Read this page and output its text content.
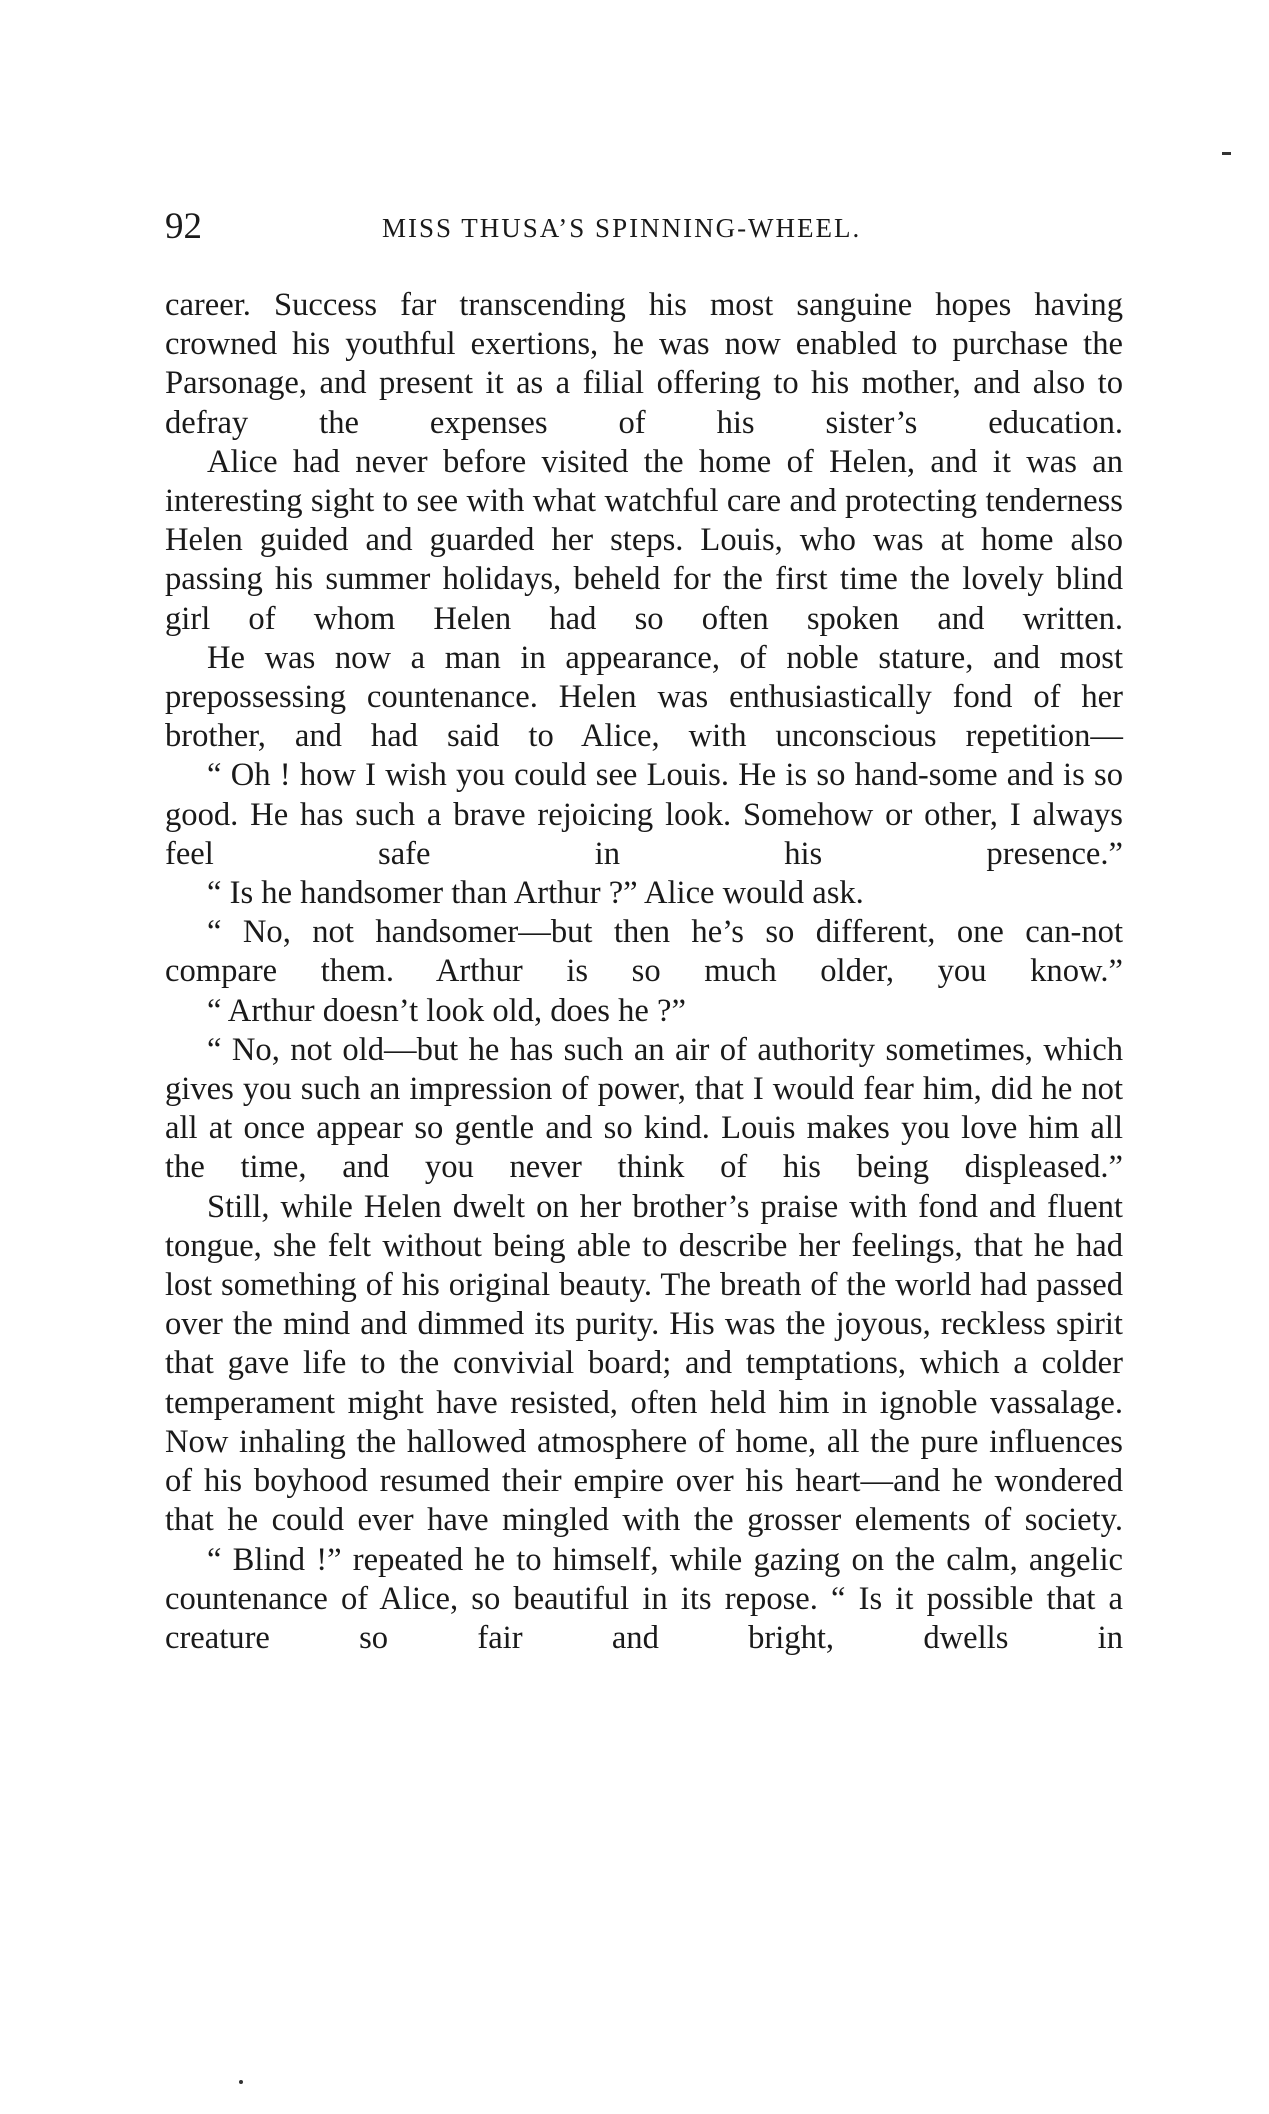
92	MISS THUSA’S SPINNING-WHEEL.

career. Success far transcending his most sanguine hopes having crowned his youthful exertions, he was now enabled to purchase the Parsonage, and present it as a filial offering to his mother, and also to defray the expenses of his sister’s education.

Alice had never before visited the home of Helen, and it was an interesting sight to see with what watchful care and protecting tenderness Helen guided and guarded her steps. Louis, who was at home also passing his summer holidays, beheld for the first time the lovely blind girl of whom Helen had so often spoken and written.

He was now a man in appearance, of noble stature, and most prepossessing countenance. Helen was enthusiastically fond of her brother, and had said to Alice, with unconscious repetition—

“ Oh ! how I wish you could see Louis. He is so hand-some and is so good. He has such a brave rejoicing look. Somehow or other, I always feel safe in his presence.”

“ Is he handsomer than Arthur ?” Alice would ask.

“ No, not handsomer—but then he’s so different, one can-not compare them. Arthur is so much older, you know.”

“ Arthur doesn’t look old, does he ?”

“ No, not old—but he has such an air of authority sometimes, which gives you such an impression of power, that I would fear him, did he not all at once appear so gentle and so kind. Louis makes you love him all the time, and you never think of his being displeased.”

Still, while Helen dwelt on her brother’s praise with fond and fluent tongue, she felt without being able to describe her feelings, that he had lost something of his original beauty. The breath of the world had passed over the mind and dimmed its purity. His was the joyous, reckless spirit that gave life to the convivial board; and temptations, which a colder temperament might have resisted, often held him in ignoble vassalage. Now inhaling the hallowed atmosphere of home, all the pure influences of his boyhood resumed their empire over his heart—and he wondered that he could ever have mingled with the grosser elements of society.

“ Blind !” repeated he to himself, while gazing on the calm, angelic countenance of Alice, so beautiful in its repose. “ Is it possible that a creature so fair and bright, dwells in
